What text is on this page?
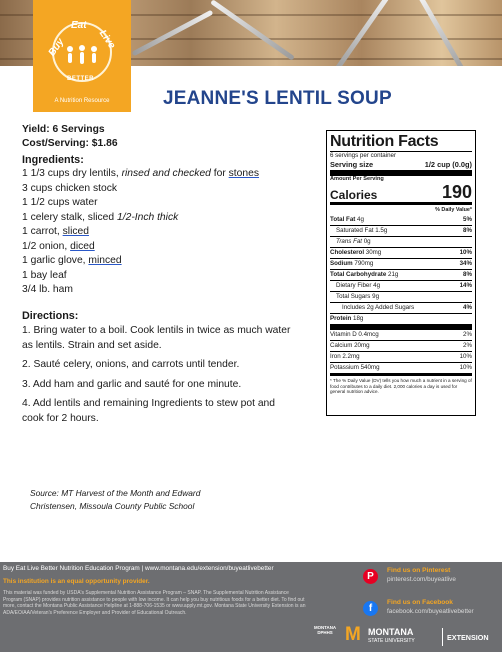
Buy
Eat
Live
BETTER
A Nutrition Resource	JEANNE'S LENTIL SOUP
Yield: 6 Servings
Cost/Serving: $1.86
Ingredients:
1 1/3 cups dry lentils, rinsed and checked for stones
3 cups chicken stock
1 1/2 cups water
1 celery stalk, sliced 1/2-Inch thick
1 carrot, sliced
1/2 onion, diced
1 garlic glove, minced
1 bay leaf
3/4 lb. ham
Directions:
1. Bring water to a boil. Cook lentils in twice as much water as lentils. Strain and set aside.
2. Sauté celery, onions, and carrots until tender.
3. Add ham and garlic and sauté for one minute.
4. Add lentils and remaining Ingredients to stew pot and cook for 2 hours.
Nutrition Facts
6 servings per container
Serving size	1/2 cup (0.0g)
Amount Per Serving
Calories	190
% Daily Value*
Total Fat 4g	5%
Saturated Fat 1.5g	8%
Trans Fat 0g
Cholesterol 30mg	10%
Sodium 790mg	34%
Total Carbohydrate 21g	8%
Dietary Fiber 4g	14%
Total Sugars 9g
Includes 2g Added Sugars	4%
Protein 18g
Vitamin D 0.4mcg	2%
Calcium 20mg	2%
Iron 2.2mg	10%
Potassium 540mg	10%
* The % Daily Value (DV) tells you how much a nutrient in a serving of food contributes to a daily diet. 2,000 calories a day is used for general nutrition advice.
Source: MT Harvest of the Month and Edward Christensen, Missoula County Public School
Buy Eat Live Better Nutrition Education Program | www.montana.edu/extension/buyeatlivebetter
This institution is an equal opportunity provider.
This material was funded by USDA's Supplemental Nutrition Assistance Program – SNAP. The Supplemental Nutrition Assistance Program (SNAP) provides nutrition assistance to people with low income. It can help you buy nutritious foods for a better diet. To find out more, contact the Montana Public Assistance Helpline at 1-888-706-1535 or www.apply.mt.gov. Montana State University Extension is an ADA/EO/AA/Veteran's Preference Employer and Provider of Educational Outreach.
P
Find us on Pinterest
pinterest.com/buyeatlive
f
Find us on Facebook
facebook.com/buyeatlivebetter
MONTANA DPHHS M MONTANA
STATE UNIVERSITY	EXTENSION
